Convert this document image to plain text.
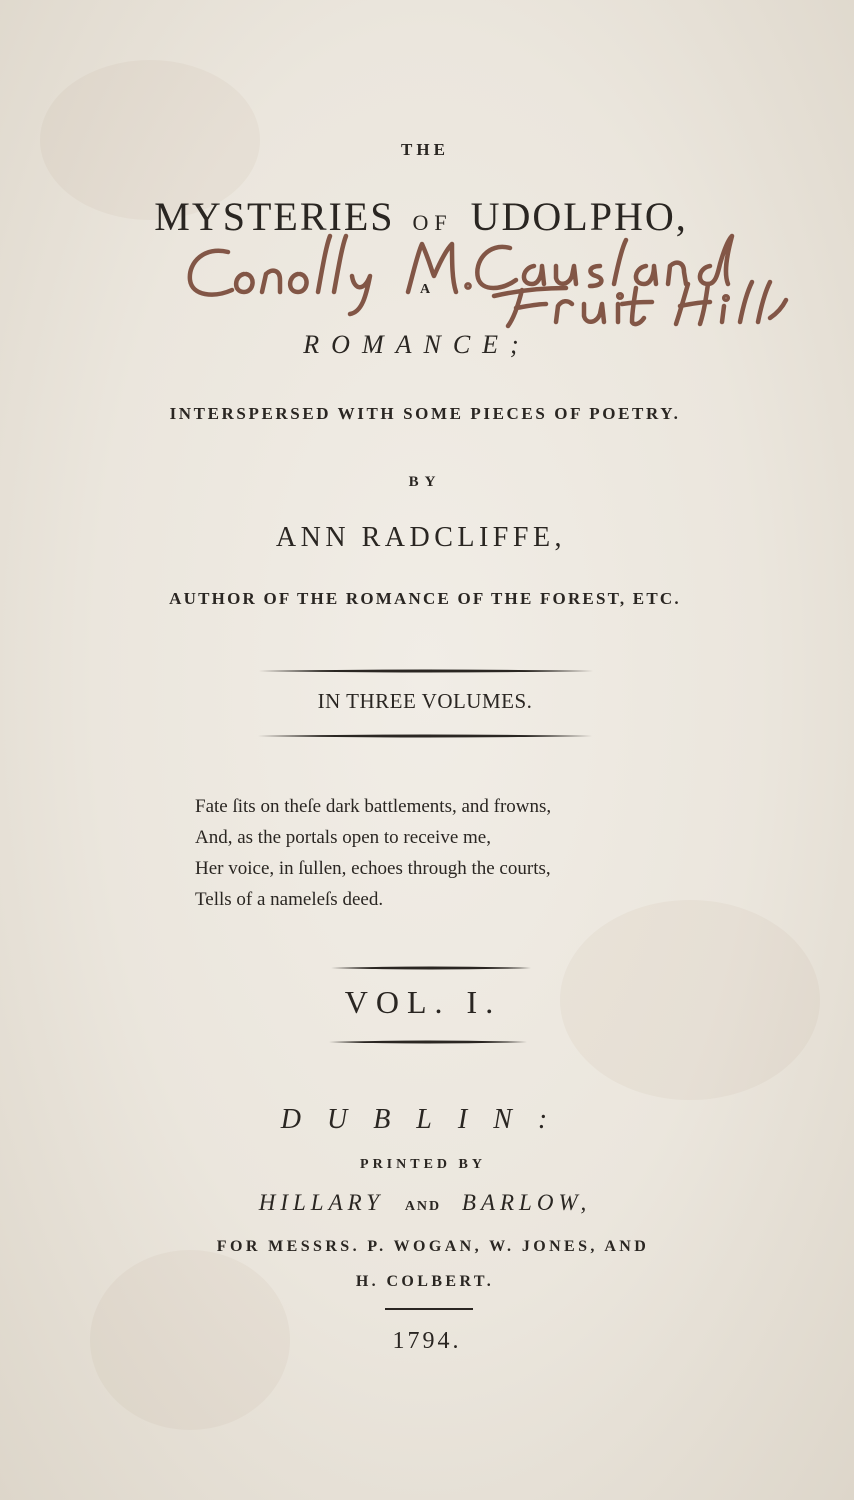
THE
MYSTERIES OF UDOLPHO,
A
ROMANCE;
INTERSPERSED WITH SOME PIECES OF POETRY.
BY
ANN RADCLIFFE,
AUTHOR OF THE ROMANCE OF THE FOREST, ETC.
IN THREE VOLUMES.
Fate ſits on theſe dark battlements, and frowns,
And, as the portals open to receive me,
Her voice, in ſullen, echoes through the courts,
Tells of a nameleſs deed.
VOL. I.
DUBLIN:
PRINTED BY
HILLARY AND BARLOW,
FOR MESSRS. P. WOGAN, W. JONES, AND
H. COLBERT.
1794.
